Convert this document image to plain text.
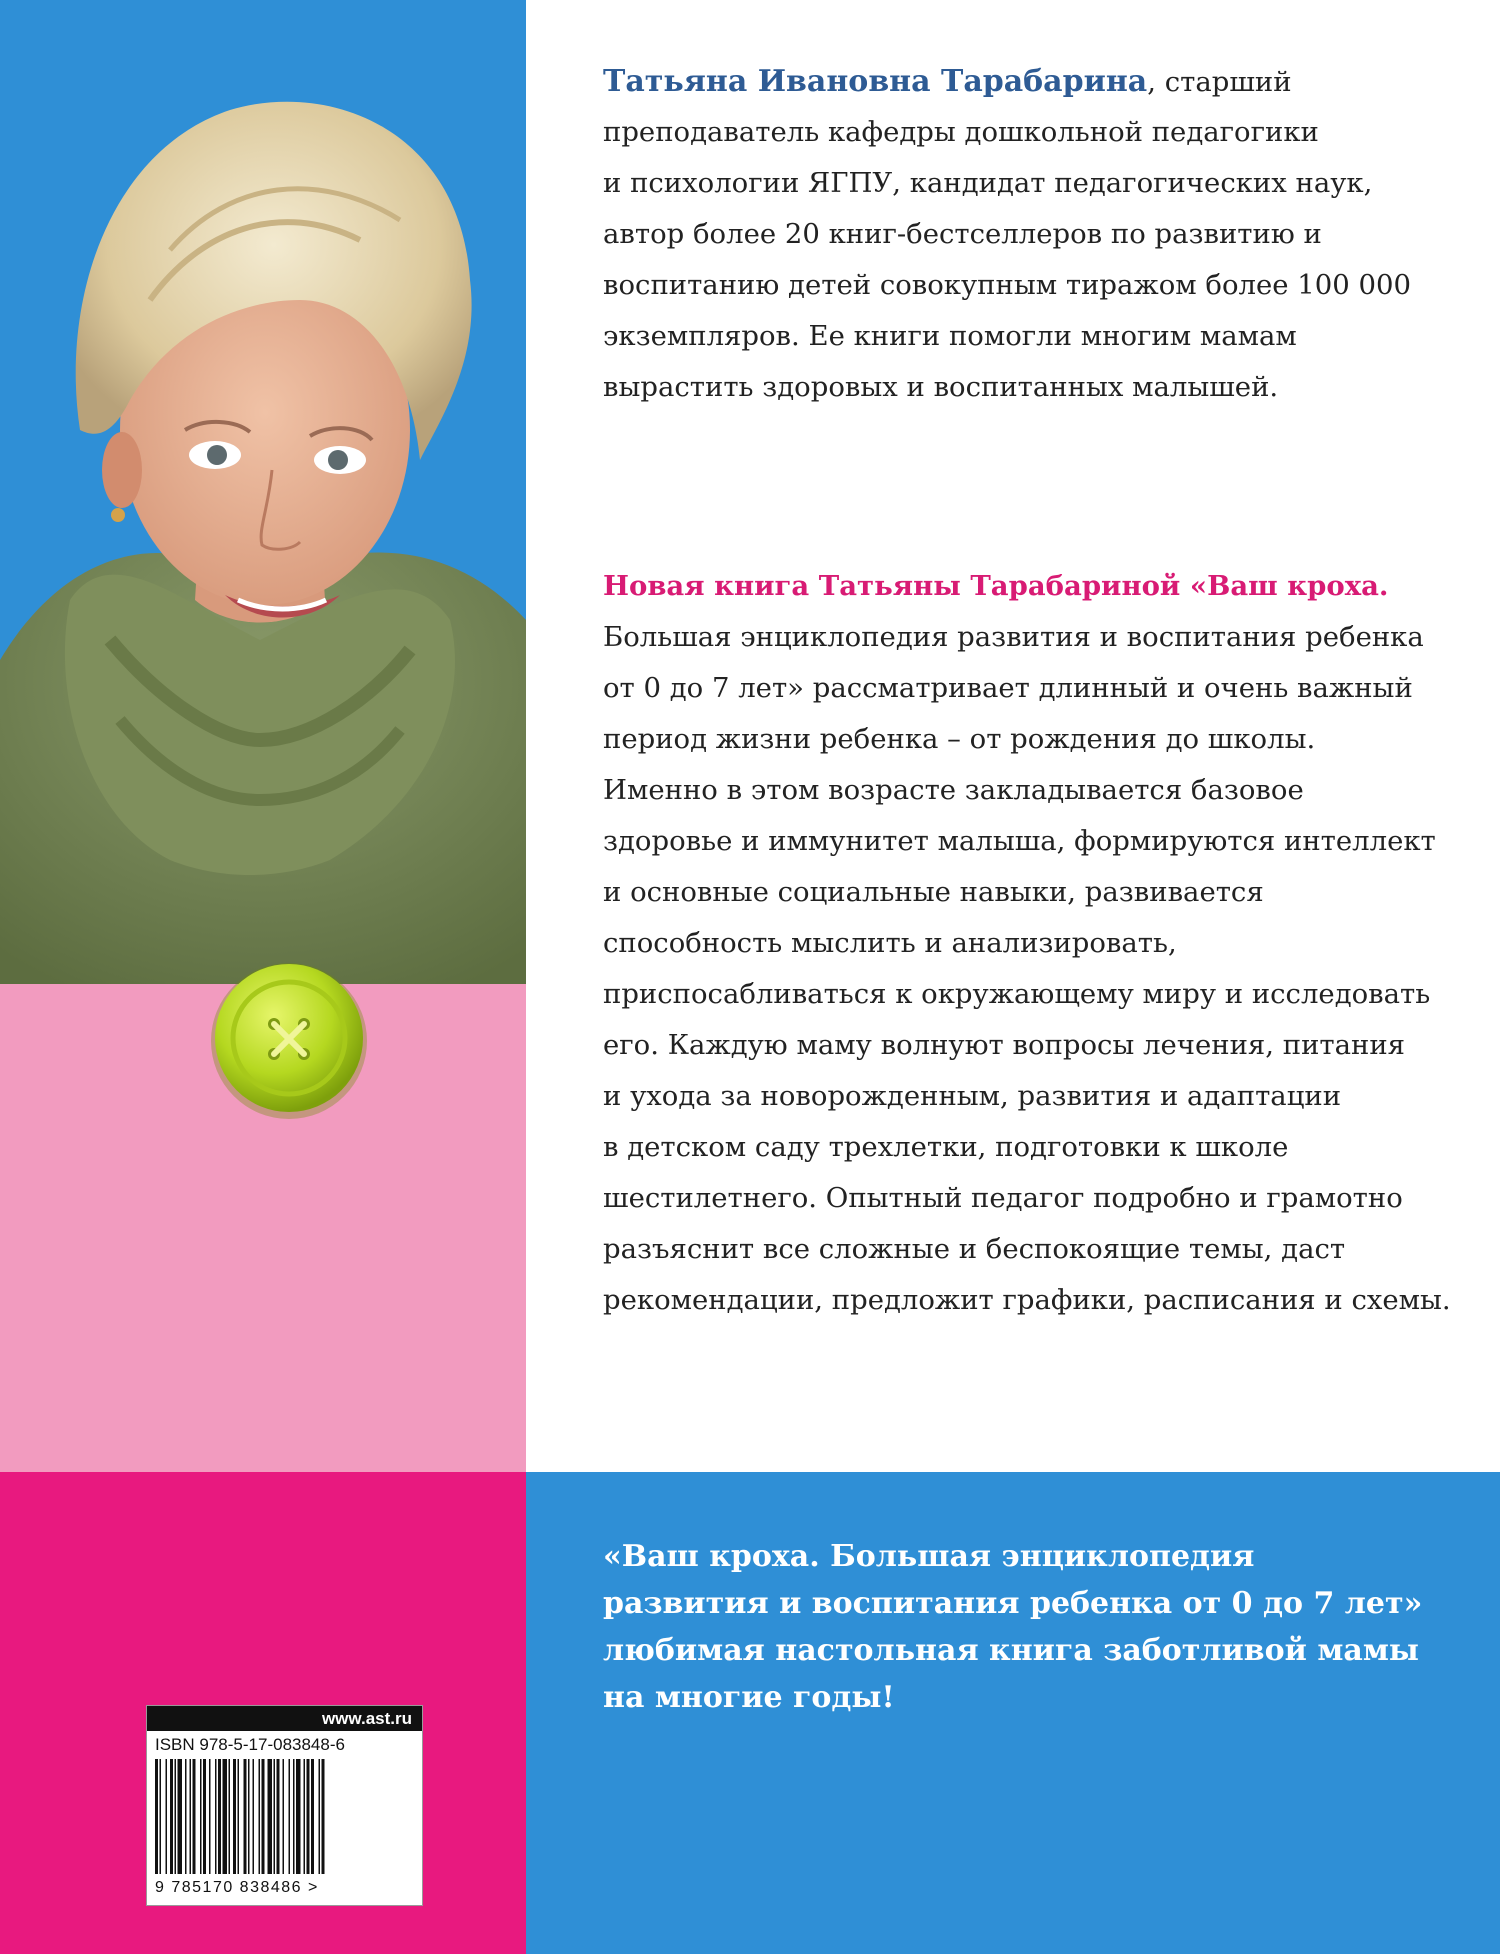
Татьяна Ивановна Тарабарина, старший
преподаватель кафедры дошкольной педагогики
и психологии ЯГПУ, кандидат педагогических наук,
автор более 20 книг-бестселлеров по развитию и
воспитанию детей совокупным тиражом более 100 000
экземпляров. Ее книги помогли многим мамам
вырастить здоровых и воспитанных малышей.
Новая книга Татьяны Тарабариной «Ваш кроха.
Большая энциклопедия развития и воспитания ребенка
от 0 до 7 лет» рассматривает длинный и очень важный
период жизни ребенка – от рождения до школы.
Именно в этом возрасте закладывается базовое
здоровье и иммунитет малыша, формируются интеллект
и основные социальные навыки, развивается
способность мыслить и анализировать,
приспосабливаться к окружающему миру и исследовать
его. Каждую маму волнуют вопросы лечения, питания
и ухода за новорожденным, развития и адаптации
в детском саду трехлетки, подготовки к школе
шестилетнего. Опытный педагог подробно и грамотно
разъяснит все сложные и беспокоящие темы, даст
рекомендации, предложит графики, расписания и схемы.
«Ваш кроха. Большая энциклопедия
развития и воспитания ребенка от 0 до 7 лет»
любимая настольная книга заботливой мамы
на многие годы!
www.ast.ru
ISBN 978-5-17-083848-6
9 785170 838486 >
